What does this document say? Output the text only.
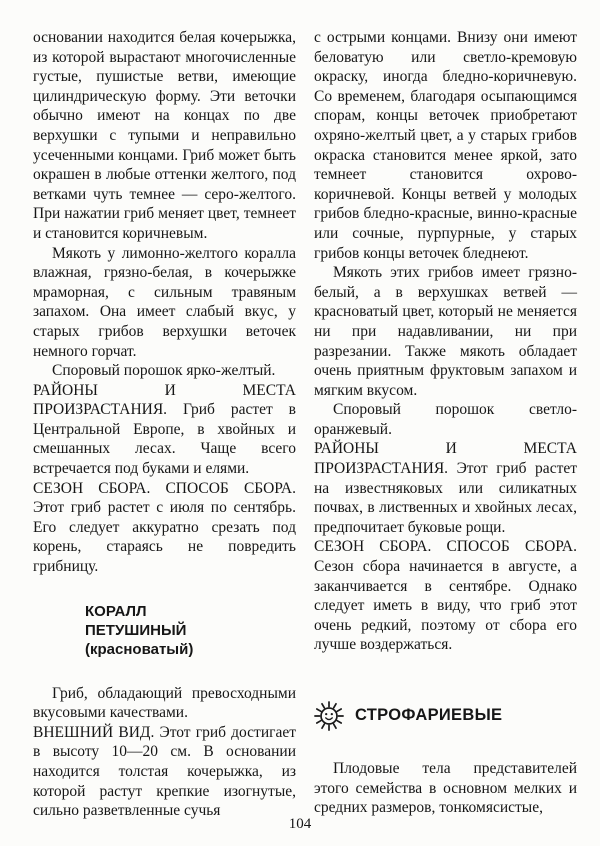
основании находится белая кочерыжка, из которой вырастают многочисленные густые, пушистые ветви, имеющие цилиндрическую форму. Эти веточки обычно имеют на концах по две верхушки с тупыми и неправильно усеченными концами. Гриб может быть окрашен в любые оттенки желтого, под ветками чуть темнее — серо-желтого. При нажатии гриб меняет цвет, темнеет и становится коричневым.

Мякоть у лимонно-желтого коралла влажная, грязно-белая, в кочерыжке мраморная, с сильным травяным запахом. Она имеет слабый вкус, у старых грибов верхушки веточек немного горчат.

Споровый порошок ярко-желтый.

РАЙОНЫ И МЕСТА ПРОИЗРАСТАНИЯ. Гриб растет в Центральной Европе, в хвойных и смешанных лесах. Чаще всего встречается под буками и елями.

СЕЗОН СБОРА. СПОСОБ СБОРА. Этот гриб растет с июля по сентябрь. Его следует аккуратно срезать под корень, стараясь не повредить грибницу.

КОРАЛЛ
ПЕТУШИНЫЙ
(красноватый)

Гриб, обладающий превосходными вкусовыми качествами.

ВНЕШНИЙ ВИД. Этот гриб достигает в высоту 10—20 см. В основании находится толстая кочерыжка, из которой растут крепкие изогнутые, сильно разветвленные сучья

с острыми концами. Внизу они имеют беловатую или светло-кремовую окраску, иногда бледно-коричневую. Со временем, благодаря осыпающимся спорам, концы веточек приобретают охряно-желтый цвет, а у старых грибов окраска становится менее яркой, зато темнеет становится охрово-коричневой. Концы ветвей у молодых грибов бледно-красные, винно-красные или сочные, пурпурные, у старых грибов концы веточек бледнеют.

Мякоть этих грибов имеет грязно-белый, а в верхушках ветвей — красноватый цвет, который не меняется ни при надавливании, ни при разрезании. Также мякоть обладает очень приятным фруктовым запахом и мягким вкусом.

Споровый порошок светло-оранжевый.

РАЙОНЫ И МЕСТА ПРОИЗРАСТАНИЯ. Этот гриб растет на известняковых или силикатных почвах, в лиственных и хвойных лесах, предпочитает буковые рощи.

СЕЗОН СБОРА. СПОСОБ СБОРА. Сезон сбора начинается в августе, а заканчивается в сентябре. Однако следует иметь в виду, что гриб этот очень редкий, поэтому от сбора его лучше воздержаться.

СТРОФАРИЕВЫЕ

Плодовые тела представителей этого семейства в основном мелких и средних размеров, тонкомясистые,

104
